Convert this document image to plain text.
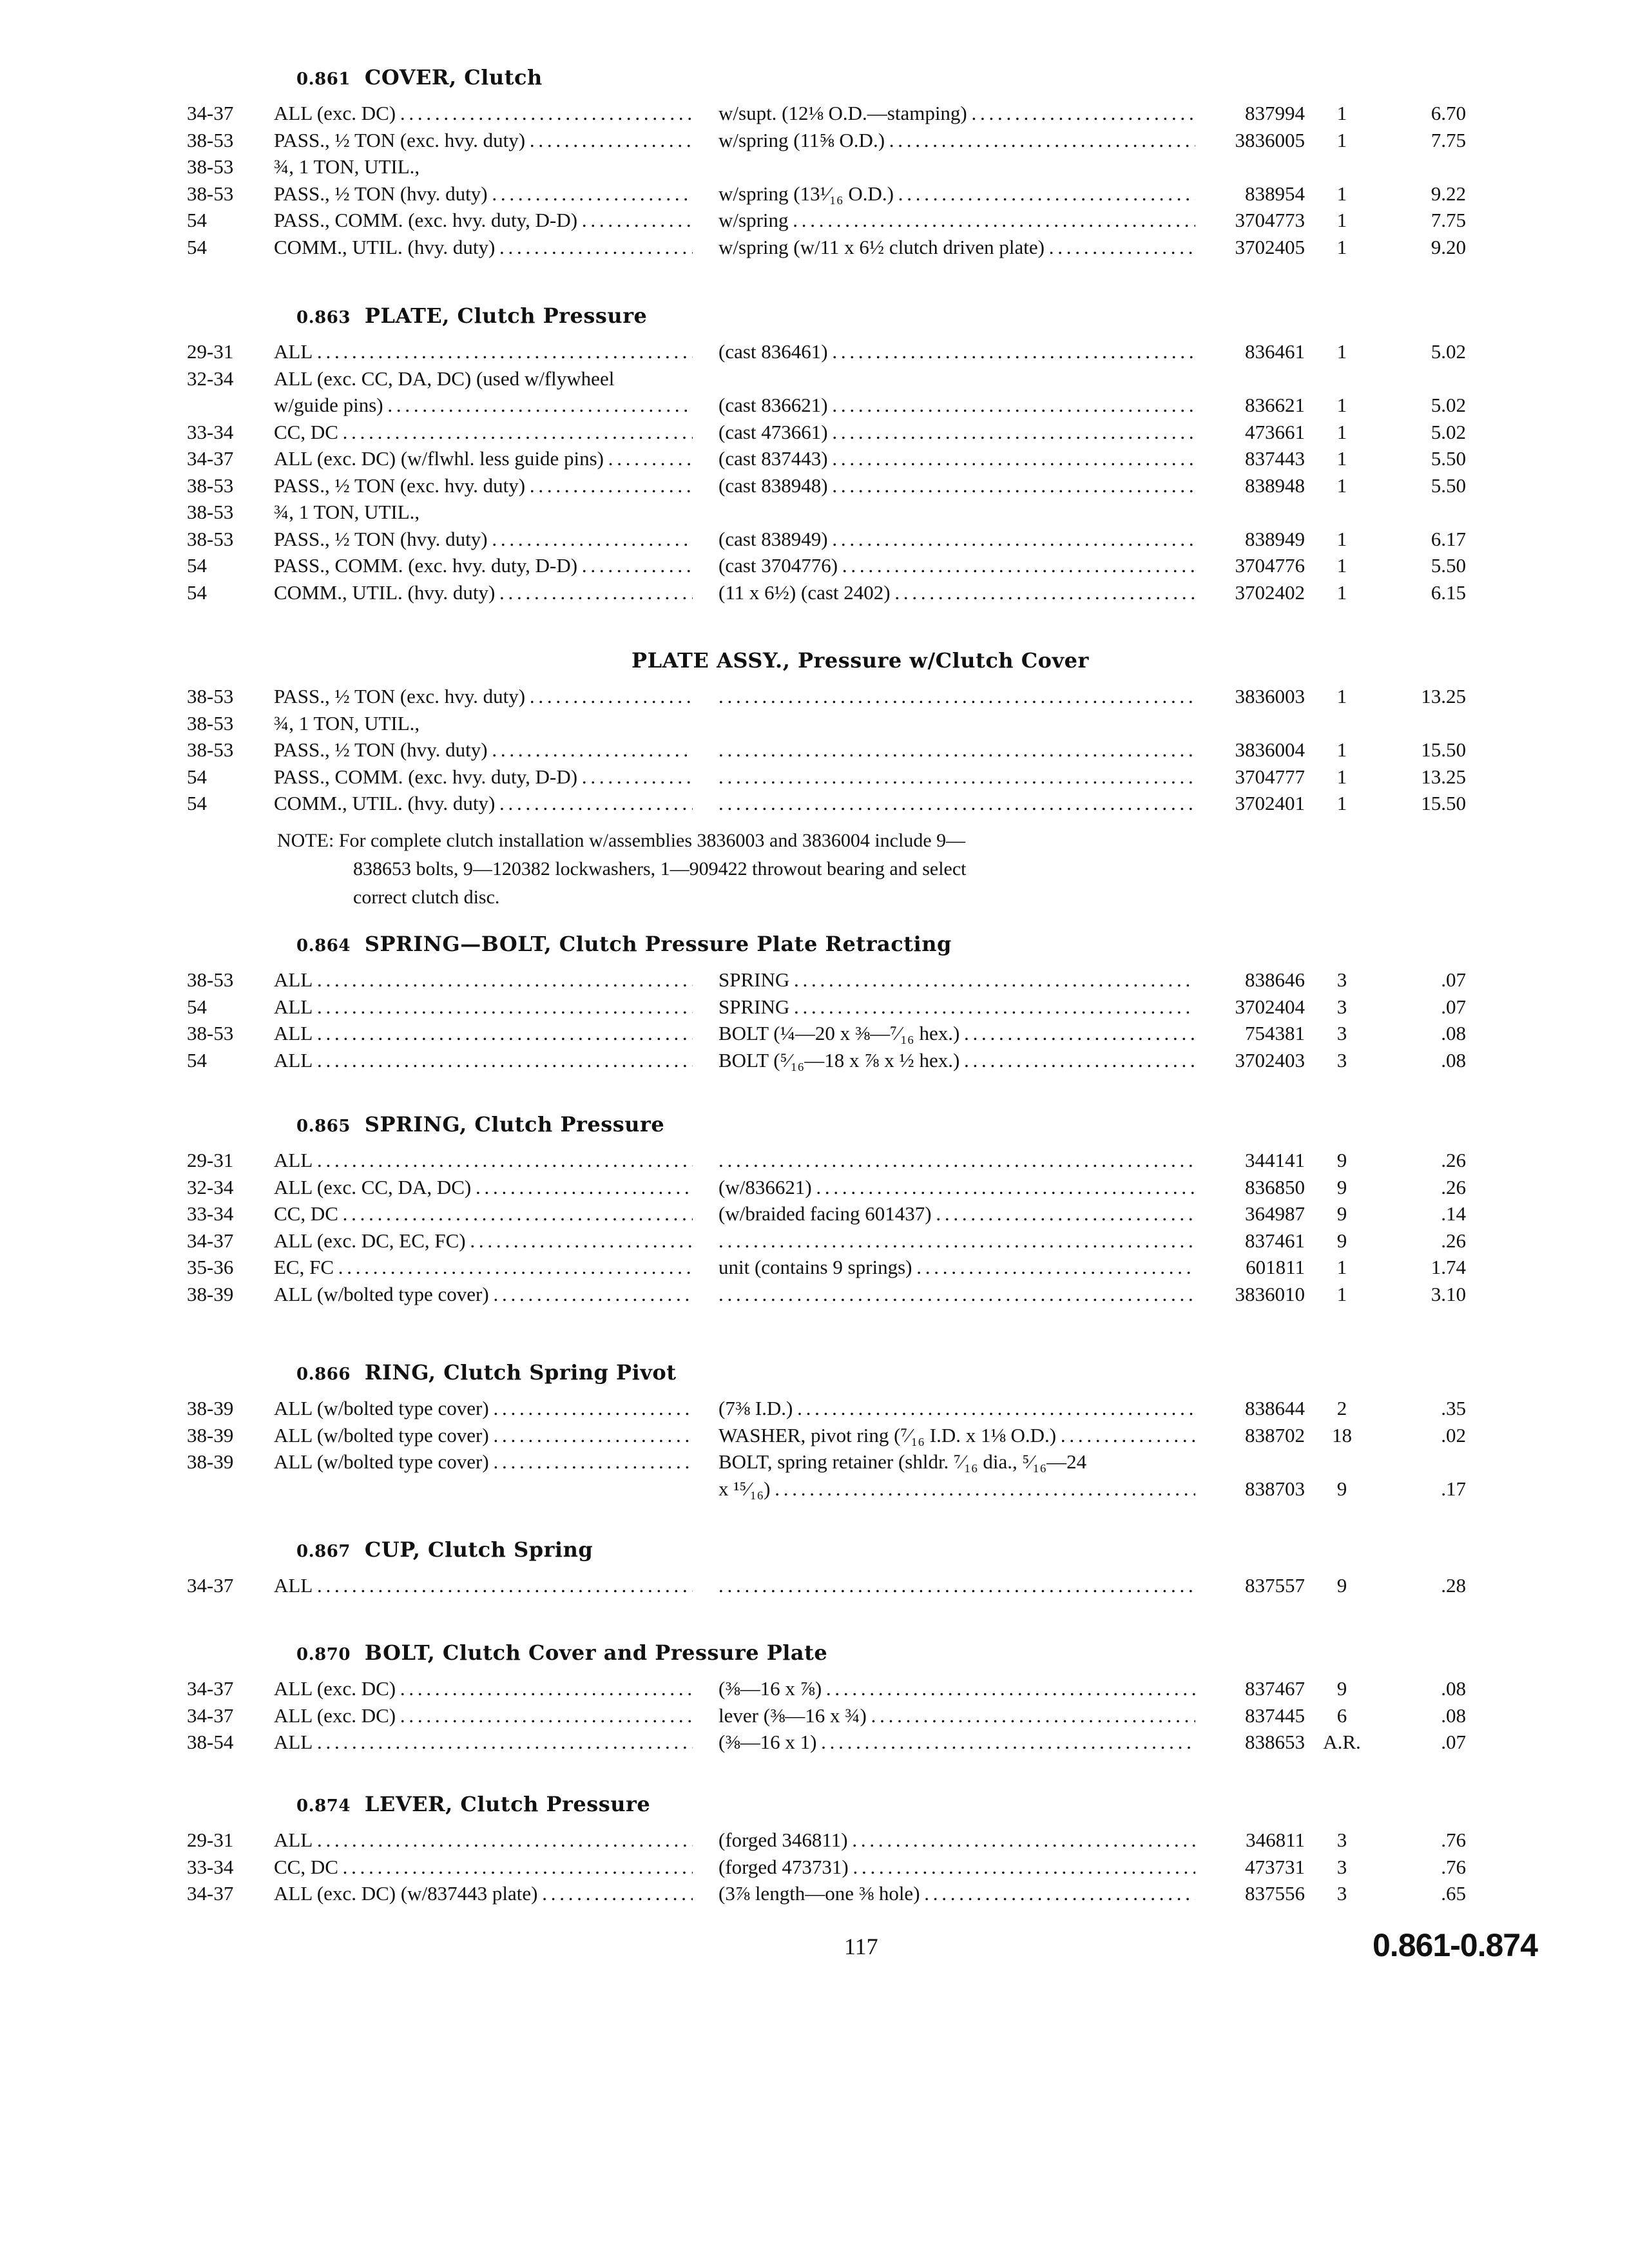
0.861 COVER, Clutch
34-37	ALL (exc. DC) . . .	w/supt. (12⅛ O.D.—stamping) . . .	837994	1	6.70
38-53	PASS., ½ TON (exc. hvy. duty) . . .	w/spring (11⅝ O.D.) . . .	3836005	1	7.75
38-53	¾, 1 TON, UTIL.,
38-53	PASS., ½ TON (hvy. duty) . . .	w/spring (13¹⁄₁₆ O.D.) . . .	838954	1	9.22
54	PASS., COMM. (exc. hvy. duty, D-D) . . .	w/spring . . .	3704773	1	7.75
54	COMM., UTIL. (hvy. duty) . . .	w/spring (w/11 x 6½ clutch driven plate) . . .	3702405	1	9.20
0.863 PLATE, Clutch Pressure
29-31	ALL . . .	(cast 836461) . . .	836461	1	5.02
32-34	ALL (exc. CC, DA, DC) (used w/flywheel
w/guide pins) . . .	(cast 836621) . . .	836621	1	5.02
33-34	CC, DC . . .	(cast 473661) . . .	473661	1	5.02
34-37	ALL (exc. DC) (w/flwhl. less guide pins) . . .	(cast 837443) . . .	837443	1	5.50
38-53	PASS., ½ TON (exc. hvy. duty) . . .	(cast 838948) . . .	838948	1	5.50
38-53	¾, 1 TON, UTIL.,
38-53	PASS., ½ TON (hvy. duty) . . .	(cast 838949) . . .	838949	1	6.17
54	PASS., COMM. (exc. hvy. duty, D-D) . . .	(cast 3704776) . . .	3704776	1	5.50
54	COMM., UTIL. (hvy. duty) . . .	(11 x 6½) (cast 2402) . . .	3702402	1	6.15
PLATE ASSY., Pressure w/Clutch Cover
38-53	PASS., ½ TON (exc. hvy. duty) . . . . . .	3836003	1	13.25
38-53	¾, 1 TON, UTIL.,
38-53	PASS., ½ TON (hvy. duty) . . . . . .	3836004	1	15.50
54	PASS., COMM. (exc. hvy. duty, D-D) . . . . . .	3704777	1	13.25
54	COMM., UTIL. (hvy. duty) . . . . . .	3702401	1	15.50
NOTE: For complete clutch installation w/assemblies 3836003 and 3836004 include 9—
838653 bolts, 9—120382 lockwashers, 1—909422 throwout bearing and select
correct clutch disc.
0.864 SPRING—BOLT, Clutch Pressure Plate Retracting
38-53	ALL . . .	SPRING . . .	838646	3	.07
54	ALL . . .	SPRING . . .	3702404	3	.07
38-53	ALL . . .	BOLT (¼—20 x ⅜—⁷⁄₁₆ hex.) . . .	754381	3	.08
54	ALL . . .	BOLT (⁵⁄₁₆—18 x ⅞ x ½ hex.) . . .	3702403	3	.08
0.865 SPRING, Clutch Pressure
29-31	ALL . . . . . .	344141	9	.26
32-34	ALL (exc. CC, DA, DC) . . .	(w/836621) . . .	836850	9	.26
33-34	CC, DC . . .	(w/braided facing 601437) . . .	364987	9	.14
34-37	ALL (exc. DC, EC, FC) . . . . . .	837461	9	.26
35-36	EC, FC . . .	unit (contains 9 springs) . . .	601811	1	1.74
38-39	ALL (w/bolted type cover) . . . . . .	3836010	1	3.10
0.866 RING, Clutch Spring Pivot
38-39	ALL (w/bolted type cover) . . .	(7⅜ I.D.) . . .	838644	2	.35
38-39	ALL (w/bolted type cover) . . .	WASHER, pivot ring (⁷⁄₁₆ I.D. x 1⅛ O.D.) . . .	838702	18	.02
38-39	ALL (w/bolted type cover) . . .	BOLT, spring retainer (shldr. ⁷⁄₁₆ dia., ⁵⁄₁₆—24
x ¹⁵⁄₁₆) . . .	838703	9	.17
0.867 CUP, Clutch Spring
34-37	ALL . . . . . .	837557	9	.28
0.870 BOLT, Clutch Cover and Pressure Plate
34-37	ALL (exc. DC) . . .	(⅜—16 x ⅞) . . .	837467	9	.08
34-37	ALL (exc. DC) . . .	lever (⅜—16 x ¾) . . .	837445	6	.08
38-54	ALL . . .	(⅜—16 x 1) . . .	838653 A.R.	.07
0.874 LEVER, Clutch Pressure
29-31	ALL . . .	(forged 346811) . . .	346811	3	.76
33-34	CC, DC . . .	(forged 473731) . . .	473731	3	.76
34-37	ALL (exc. DC) (w/837443 plate) . . .	(3⅞ length—one ⅜ hole) . . .	837556	3	.65
117	0.861-0.874
